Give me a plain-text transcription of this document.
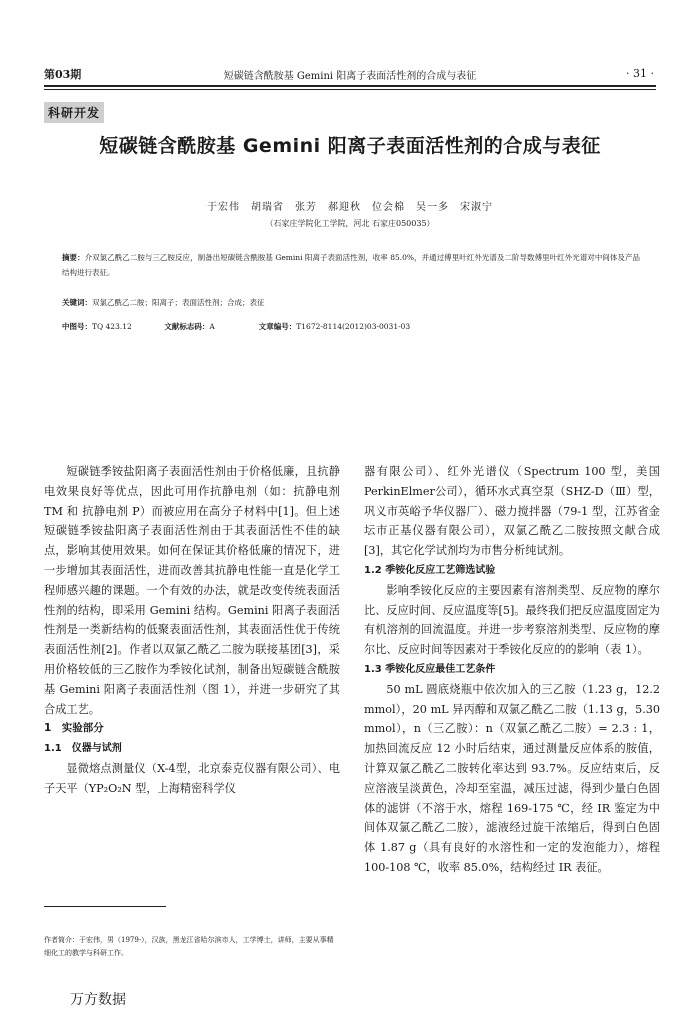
第03期	短碳链含酰胺基 Gemini 阳离子表面活性剂的合成与表征	· 31 ·
科研开发
短碳链含酰胺基 Gemini 阳离子表面活性剂的合成与表征
于宏伟　胡瑞省　张芳　郝迎秋　位会棉　吴一多　宋淑宁
（石家庄学院化工学院，河北 石家庄050035）
摘要：介双氯乙酰乙二胺与三乙胺反应，制备出短碳链含酰胺基 Gemini 阳离子表面活性剂，收率 85.0%，并通过傅里叶红外光谱及二阶导数傅里叶红外光谱对中间体及产品结构进行表征。
关键词：双氯乙酰乙二胺；阳离子；表面活性剂；合成；表征
中图号：TQ 423.12	文献标志码：A	文章编号：T1672-8114(2012)03-0031-03

短碳链季铵盐阳离子表面活性剂由于价格低廉，且抗静电效果良好等优点，因此可用作抗静电剂（如：抗静电剂 TM 和 抗静电剂 P）而被应用在高分子材料中[1]。但上述短碳链季铵盐阳离子表面活性剂由于其表面活性不佳的缺点，影响其使用效果。如何在保证其价格低廉的情况下，进一步增加其表面活性，进而改善其抗静电性能一直是化学工程师感兴趣的课题。一个有效的办法，就是改变传统表面活性剂的结构，即采用 Gemini 结构。Gemini 阳离子表面活性剂是一类新结构的低聚表面活性剂，其表面活性优于传统表面活性剂[2]。作者以双氯乙酰乙二胺为联接基团[3]，采用价格较低的三乙胺作为季铵化试剂，制备出短碳链含酰胺基 Gemini 阳离子表面活性剂（图 1），并进一步研究了其合成工艺。

1　实验部分

1.1　仪器与试剂

显微熔点测量仪（X-4型，北京泰克仪器有限公司）、电子天平（YP₂O₂N 型，上海精密科学仪

器有限公司）、红外光谱仪（Spectrum 100 型，美国 PerkinElmer公司），循环水式真空泵（SHZ-D（Ⅲ）型，巩义市英峪予华仪器厂）、磁力搅拌器（79-1 型，江苏省金坛市正基仪器有限公司），双氯乙酰乙二胺按照文献合成[3]，其它化学试剂均为市售分析纯试剂。

1.2 季铵化反应工艺筛选试验

影响季铵化反应的主要因素有溶剂类型、反应物的摩尔比、反应时间、反应温度等[5]。最终我们把反应温度固定为有机溶剂的回流温度。并进一步考察溶剂类型、反应物的摩尔比、反应时间等因素对于季铵化反应的的影响（表 1）。

1.3 季铵化反应最佳工艺条件

50 mL 圆底烧瓶中依次加入的三乙胺（1.23 g，12.2 mmol），20 mL 异丙醇和双氯乙酰乙二胺（1.13 g，5.30 mmol），n（三乙胺）：n（双氯乙酰乙二胺）= 2.3 : 1，加热回流反应 12 小时后结束，通过测量反应体系的胺值，计算双氯乙酰乙二胺转化率达到 93.7%。反应结束后，反应溶液呈淡黄色，冷却至室温，减压过滤，得到少量白色固体的滤饼（不溶于水，熔程 169-175 ℃，经 IR 鉴定为中间体双氯乙酰乙二胺），滤液经过旋干浓缩后，得到白色固体 1.87 g（具有良好的水溶性和一定的发泡能力），熔程 100-108 ℃，收率 85.0%，结构经过 IR 表征。

作者简介：于宏伟，男（1979-），汉族，黑龙江省哈尔滨市人，工学博士，讲师，主要从事精细化工的教学与科研工作。
万方数据
